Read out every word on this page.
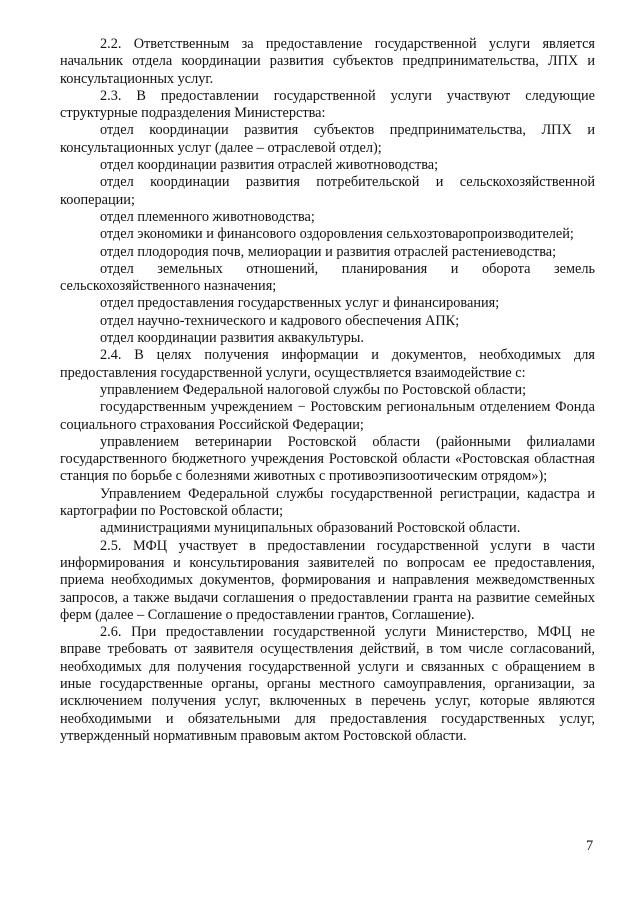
2.2. Ответственным за предоставление государственной услуги является начальник отдела координации развития субъектов предпринимательства, ЛПХ и консультационных услуг.

2.3. В предоставлении государственной услуги участвуют следующие структурные подразделения Министерства:

отдел координации развития субъектов предпринимательства, ЛПХ и консультационных услуг (далее – отраслевой отдел);

отдел координации развития отраслей животноводства;

отдел координации развития потребительской и сельскохозяйственной кооперации;

отдел племенного животноводства;

отдел экономики и финансового оздоровления сельхозтоваропроизводителей;

отдел плодородия почв, мелиорации и развития отраслей растениеводства;

отдел земельных отношений, планирования и оборота земель сельскохозяйственного назначения;

отдел предоставления государственных услуг и финансирования;

отдел научно-технического и кадрового обеспечения АПК;

отдел координации развития аквакультуры.

2.4. В целях получения информации и документов, необходимых для предоставления государственной услуги, осуществляется взаимодействие с:

управлением Федеральной налоговой службы по Ростовской области;

государственным учреждением − Ростовским региональным отделением Фонда социального страхования Российской Федерации;

управлением ветеринарии Ростовской области (районными филиалами государственного бюджетного учреждения Ростовской области «Ростовская областная станция по борьбе с болезнями животных с противоэпизоотическим отрядом»);

Управлением Федеральной службы государственной регистрации, кадастра и картографии по Ростовской области;

администрациями муниципальных образований Ростовской области.

2.5. МФЦ участвует в предоставлении государственной услуги в части информирования и консультирования заявителей по вопросам ее предоставления, приема необходимых документов, формирования и направления межведомственных запросов, а также выдачи соглашения о предоставлении гранта на развитие семейных ферм (далее – Соглашение о предоставлении грантов, Соглашение).

2.6. При предоставлении государственной услуги Министерство, МФЦ не вправе требовать от заявителя осуществления действий, в том числе согласований, необходимых для получения государственной услуги и связанных с обращением в иные государственные органы, органы местного самоуправления, организации, за исключением получения услуг, включенных в перечень услуг, которые являются необходимыми и обязательными для предоставления государственных услуг, утвержденный нормативным правовым актом Ростовской области.

7
